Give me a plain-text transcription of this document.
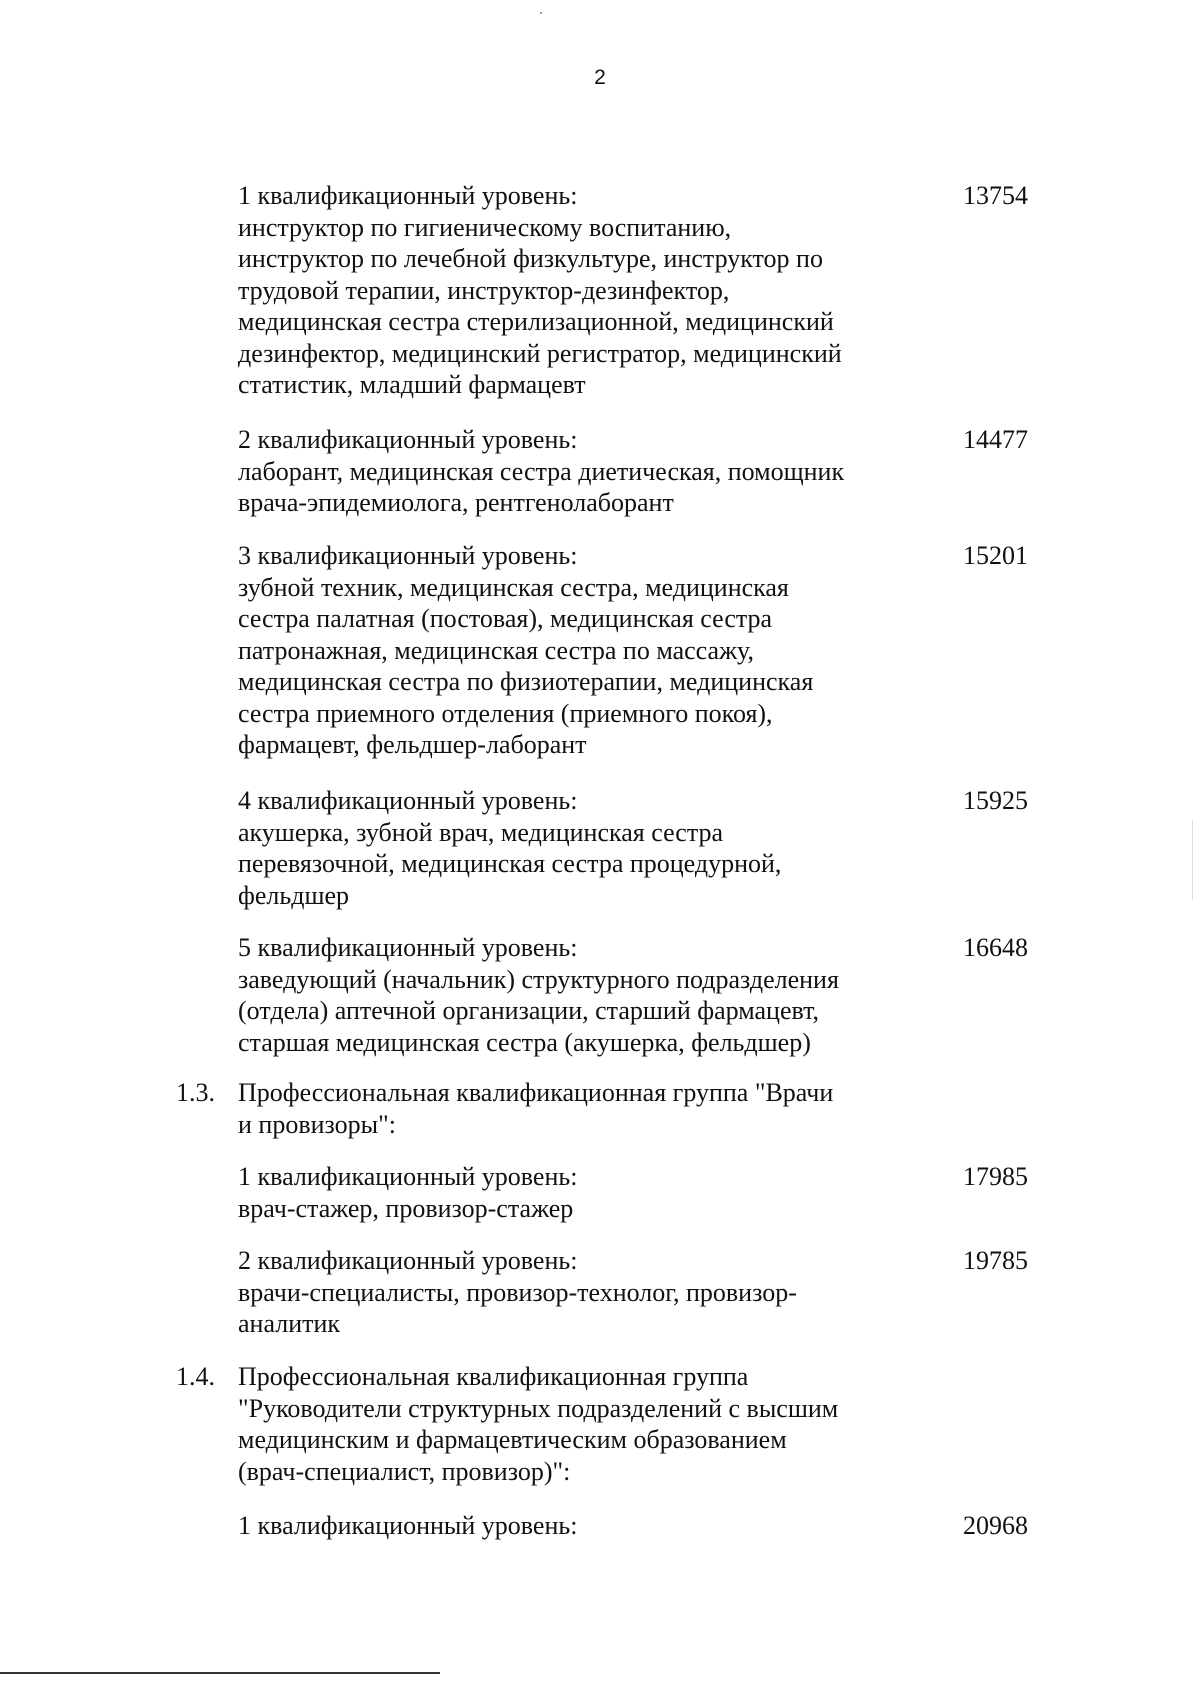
2
1 квалификационный уровень:
инструктор по гигиеническому воспитанию,
инструктор по лечебной физкультуре, инструктор по
трудовой терапии, инструктор-дезинфектор,
медицинская сестра стерилизационной, медицинский
дезинфектор, медицинский регистратор, медицинский
статистик, младший фармацевт
13754
2 квалификационный уровень:
лаборант, медицинская сестра диетическая, помощник
врача-эпидемиолога, рентгенолаборант
14477
3 квалификационный уровень:
зубной техник, медицинская сестра, медицинская
сестра палатная (постовая), медицинская сестра
патронажная, медицинская сестра по массажу,
медицинская сестра по физиотерапии, медицинская
сестра приемного отделения (приемного покоя),
фармацевт, фельдшер-лаборант
15201
4 квалификационный уровень:
акушерка, зубной врач, медицинская сестра
перевязочной, медицинская сестра процедурной,
фельдшер
15925
5 квалификационный уровень:
заведующий (начальник) структурного подразделения
(отдела) аптечной организации, старший фармацевт,
старшая медицинская сестра (акушерка, фельдшер)
16648
1.3. Профессиональная квалификационная группа "Врачи
и провизоры":
1 квалификационный уровень:
врач-стажер, провизор-стажер
17985
2 квалификационный уровень:
врачи-специалисты, провизор-технолог, провизор-
аналитик
19785
1.4. Профессиональная квалификационная группа
"Руководители структурных подразделений с высшим
медицинским и фармацевтическим образованием
(врач-специалист, провизор)":
1 квалификационный уровень:	20968
